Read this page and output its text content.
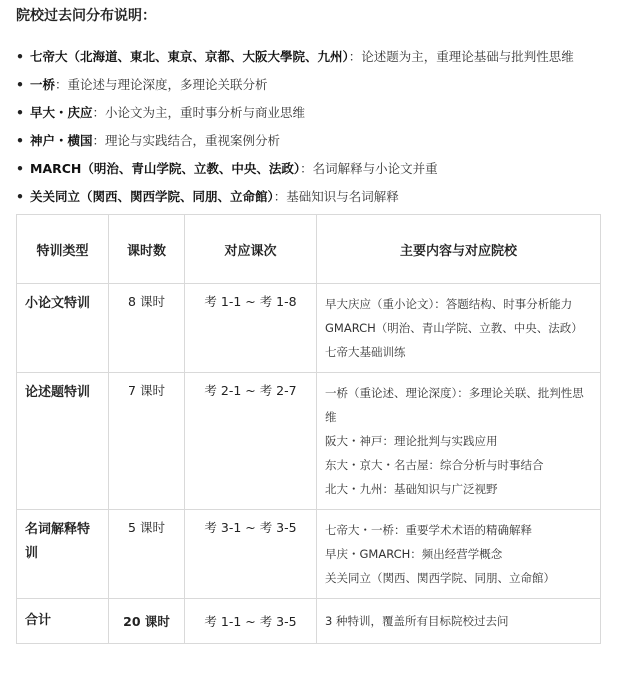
院校过去问分布说明：
• 七帝大（北海道、東北、東京、京都、大阪大學院、九州）：论述题为主，重理论基础与批判性思维
• 一桥：重论述与理论深度，多理论关联分析
• 早大・庆应：小论文为主，重时事分析与商业思维
• 神户・横国：理论与实践结合，重视案例分析
• MARCH（明治、青山学院、立教、中央、法政）：名词解释与小论文并重
• 关关同立（関西、関西学院、同朋、立命館）：基础知识与名词解释
特训类型	课时数	对应课次	主要内容与对应院校
小论文特训	8 课时	考 1-1 ~ 考 1-8	早大庆应（重小论文）：答题结构、时事分析能力
GMARCH（明治、青山学院、立教、中央、法政）
七帝大基础训练

论述题特训	7 课时	考 2-1 ~ 考 2-7	一桥（重论述、理论深度）：多理论关联、批判性思维
阪大・神戸：理论批判与实践应用
东大・京大・名古屋：综合分析与时事结合
北大・九州：基础知识与广泛视野

名词解释特训	5 课时	考 3-1 ~ 考 3-5	七帝大・一桥：重要学术术语的精确解释
早庆・GMARCH：频出经营学概念
关关同立（関西、関西学院、同朋、立命館）

合计	20 课时	考 1-1 ~ 考 3-5	3 种特训，覆盖所有目标院校过去问
